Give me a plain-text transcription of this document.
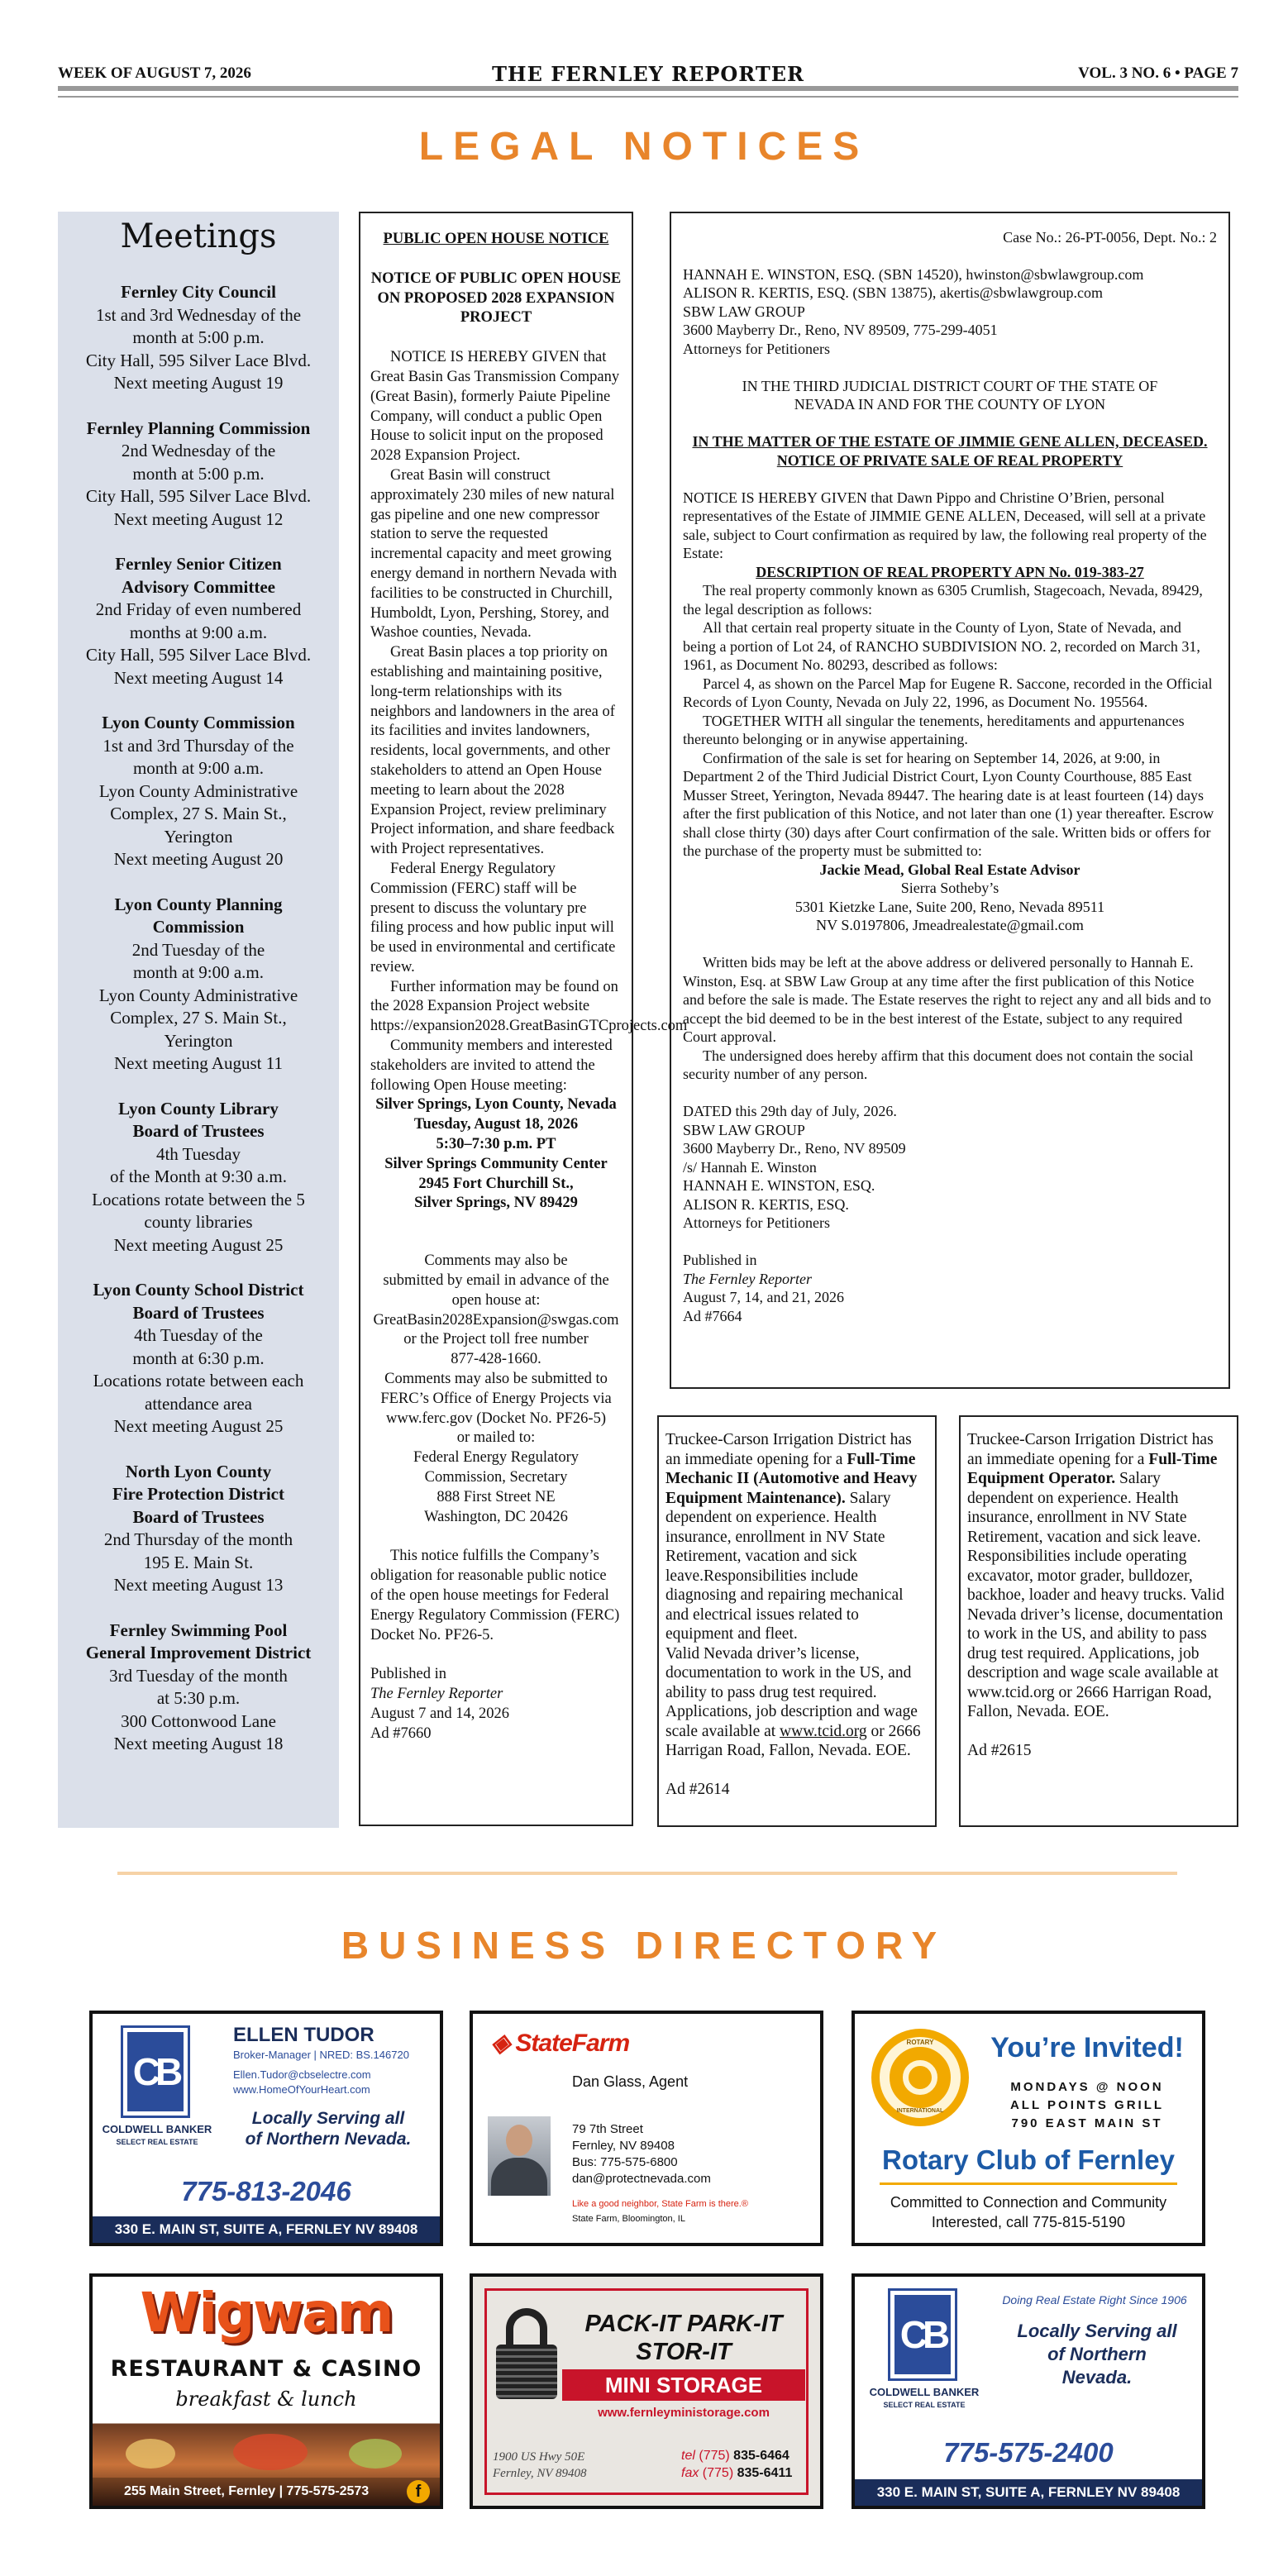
WEEK OF AUGUST 7, 2026	THE FERNLEY REPORTER	VOL. 3 NO. 6 • PAGE 7
LEGAL NOTICES
Meetings
Fernley City Council
1st and 3rd Wednesday of the
month at 5:00 p.m.
City Hall, 595 Silver Lace Blvd.
Next meeting August 19
Fernley Planning Commission
2nd Wednesday of the
month at 5:00 p.m.
City Hall, 595 Silver Lace Blvd.
Next meeting August 12
Fernley Senior Citizen
Advisory Committee
2nd Friday of even numbered
months at 9:00 a.m.
City Hall, 595 Silver Lace Blvd.
Next meeting August 14
Lyon County Commission
1st and 3rd Thursday of the
month at 9:00 a.m.
Lyon County Administrative
Complex, 27 S. Main St.,
Yerington
Next meeting August 20
Lyon County Planning
Commission
2nd Tuesday of the
month at 9:00 a.m.
Lyon County Administrative
Complex, 27 S. Main St.,
Yerington
Next meeting August 11
Lyon County Library
Board of Trustees
4th Tuesday
of the Month at 9:30 a.m.
Locations rotate between the 5
county libraries
Next meeting August 25
Lyon County School District
Board of Trustees
4th Tuesday of the
month at 6:30 p.m.
Locations rotate between each
attendance area
Next meeting August 25
North Lyon County
Fire Protection District
Board of Trustees
2nd Thursday of the month
195 E. Main St.
Next meeting August 13
Fernley Swimming Pool
General Improvement District
3rd Tuesday of the month
at 5:30 p.m.
300 Cottonwood Lane
Next meeting August 18
PUBLIC OPEN HOUSE NOTICE
NOTICE OF PUBLIC OPEN HOUSE ON PROPOSED 2028 EXPANSION PROJECT

NOTICE IS HEREBY GIVEN that Great Basin Gas Transmission Company (Great Basin), formerly Paiute Pipeline Company, will conduct a public Open House to solicit input on the proposed 2028 Expansion Project.

Great Basin will construct approximately 230 miles of new natural gas pipeline and one new compressor station to serve the requested incremental capacity and meet growing energy demand in northern Nevada with facilities to be constructed in Churchill, Humboldt, Lyon, Pershing, Storey, and Washoe counties, Nevada.

Great Basin places a top priority on establishing and maintaining positive, long-term relationships with its neighbors and landowners in the area of its facilities and invites landowners, residents, local governments, and other stakeholders to attend an Open House meeting to learn about the 2028 Expansion Project, review preliminary Project information, and share feedback with Project representatives.

Federal Energy Regulatory Commission (FERC) staff will be present to discuss the voluntary pre filing process and how public input will be used in environmental and certificate review.

Further information may be found on the 2028 Expansion Project website https://expansion2028.GreatBasinGTCprojects.com

Community members and interested stakeholders are invited to attend the following Open House meeting:

Silver Springs, Lyon County, Nevada
Tuesday, August 18, 2026
5:30–7:30 p.m. PT
Silver Springs Community Center
2945 Fort Churchill St.,
Silver Springs, NV 89429
Comments may also be
submitted by email in advance of the
open house at:
GreatBasin2028Expansion@swgas.com
or the Project toll free number
877-428-1660.
Comments may also be submitted to
FERC’s Office of Energy Projects via
www.ferc.gov (Docket No. PF26-5)
or mailed to:
Federal Energy Regulatory
Commission, Secretary
888 First Street NE
Washington, DC 20426

This notice fulfills the Company’s obligation for reasonable public notice of the open house meetings for Federal Energy Regulatory Commission (FERC) Docket No. PF26-5.

Published in
The Fernley Reporter
August 7 and 14, 2026
Ad #7660
Case No.: 26-PT-0056, Dept. No.: 2
HANNAH E. WINSTON, ESQ. (SBN 14520), hwinston@sbwlawgroup.com
ALISON R. KERTIS, ESQ. (SBN 13875), akertis@sbwlawgroup.com
SBW LAW GROUP
3600 Mayberry Dr., Reno, NV 89509, 775-299-4051
Attorneys for Petitioners
IN THE THIRD JUDICIAL DISTRICT COURT OF THE STATE OF NEVADA IN AND FOR THE COUNTY OF LYON
IN THE MATTER OF THE ESTATE OF JIMMIE GENE ALLEN, DECEASED.
NOTICE OF PRIVATE SALE OF REAL PROPERTY

NOTICE IS HEREBY GIVEN that Dawn Pippo and Christine O’Brien, personal representatives of the Estate of JIMMIE GENE ALLEN, Deceased, will sell at a private sale, subject to Court confirmation as required by law, the following real property of the Estate:

DESCRIPTION OF REAL PROPERTY APN No. 019-383-27

The real property commonly known as 6305 Crumlish, Stagecoach, Nevada, 89429, the legal description as follows:

All that certain real property situate in the County of Lyon, State of Nevada, and being a portion of Lot 24, of RANCHO SUBDIVISION NO. 2, recorded on March 31, 1961, as Document No. 80293, described as follows:

Parcel 4, as shown on the Parcel Map for Eugene R. Saccone, recorded in the Official Records of Lyon County, Nevada on July 22, 1996, as Document No. 195564.

TOGETHER WITH all singular the tenements, hereditaments and appurtenances thereunto belonging or in anywise appertaining.

Confirmation of the sale is set for hearing on September 14, 2026, at 9:00, in Department 2 of the Third Judicial District Court, Lyon County Courthouse, 885 East Musser Street, Yerington, Nevada 89447. The hearing date is at least fourteen (14) days after the first publication of this Notice, and not later than one (1) year thereafter. Escrow shall close thirty (30) days after Court confirmation of the sale. Written bids or offers for the purchase of the property must be submitted to:

Jackie Mead, Global Real Estate Advisor
Sierra Sotheby’s
5301 Kietzke Lane, Suite 200, Reno, Nevada 89511
NV S.0197806, Jmeadrealestate@gmail.com

Written bids may be left at the above address or delivered personally to Hannah E. Winston, Esq. at SBW Law Group at any time after the first publication of this Notice and before the sale is made. The Estate reserves the right to reject any and all bids and to accept the bid deemed to be in the best interest of the Estate, subject to any required Court approval.

The undersigned does hereby affirm that this document does not contain the social security number of any person.

DATED this 29th day of July, 2026.
SBW LAW GROUP
3600 Mayberry Dr., Reno, NV 89509
/s/ Hannah E. Winston
HANNAH E. WINSTON, ESQ.
ALISON R. KERTIS, ESQ.
Attorneys for Petitioners
Published in
The Fernley Reporter
August 7, 14, and 21, 2026
Ad #7664
Truckee-Carson Irrigation District has an immediate opening for a Full-Time Mechanic II (Automotive and Heavy Equipment Maintenance). Salary dependent on experience. Health insurance, enrollment in NV State Retirement, vacation and sick leave.Responsibilities include diagnosing and repairing mechanical and electrical issues related to equipment and fleet.
Valid Nevada driver’s license, documentation to work in the US, and ability to pass drug test required. Applications, job description and wage scale available at www.tcid.org or 2666 Harrigan Road, Fallon, Nevada. EOE.
Ad #2614
Truckee-Carson Irrigation District has an immediate opening for a Full-Time Equipment Operator. Salary dependent on experience. Health insurance, enrollment in NV State Retirement, vacation and sick leave. Responsibilities include operating excavator, motor grader, bulldozer, backhoe, loader and heavy trucks. Valid Nevada driver’s license, documentation to work in the US, and ability to pass drug test required. Applications, job description and wage scale available at www.tcid.org or 2666 Harrigan Road, Fallon, Nevada. EOE.
Ad #2615
BUSINESS DIRECTORY
CB
COLDWELL BANKER
SELECT REAL ESTATE
ELLEN TUDOR
Broker-Manager | NRED: BS.146720
Ellen.Tudor@cbselectre.com
www.HomeOfYourHeart.com
Locally Serving all of Northern Nevada.
775-813-2046
330 E. MAIN ST, SUITE A, FERNLEY NV 89408
◈ StateFarm
Dan Glass, Agent
79 7th Street
Fernley, NV 89408
Bus: 775-575-6800
dan@protectnevada.com
Like a good neighbor, State Farm is there.®
State Farm, Bloomington, IL
ROTARY
INTERNATIONAL
You’re Invited!
MONDAYS @ NOON
ALL POINTS GRILL
790 EAST MAIN ST
Rotary Club of Fernley
Committed to Connection and Community
Interested, call 775-815-5190
Wigwam
RESTAURANT & CASINO
breakfast & lunch
255 Main Street, Fernley | 775-575-2573	f
PACK-IT PARK-IT
STOR-IT
MINI STORAGE
www.fernleyministorage.com
1900 US Hwy 50E
Fernley, NV 89408
tel (775) 835-6464
fax (775) 835-6411
CB
COLDWELL BANKER
SELECT REAL ESTATE
Doing Real Estate Right Since 1906
Locally Serving all of Northern Nevada.
775-575-2400
330 E. MAIN ST, SUITE A, FERNLEY NV 89408
